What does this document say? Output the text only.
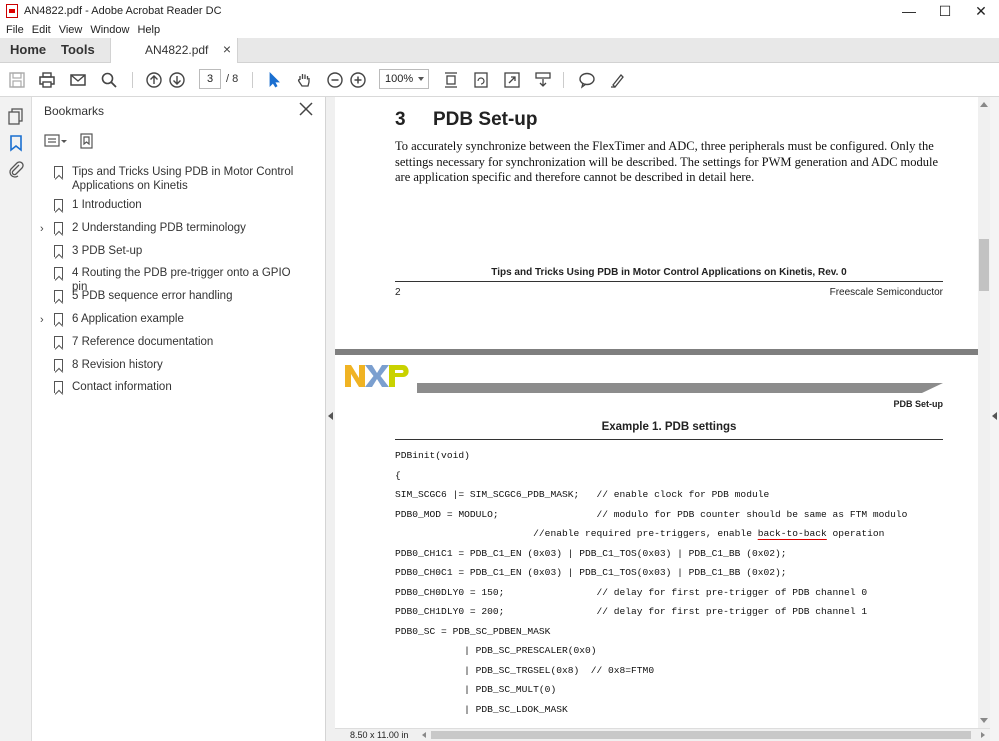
AN4822.pdf - Adobe Acrobat Reader DC	—	☐	✕
File Edit View Window Help
Home Tools	AN4822.pdf ×
3	/ 8	100%
Bookmarks
Tips and Tricks Using PDB in Motor Control Applications on Kinetis
1 Introduction
› 2 Understanding PDB terminology
3 PDB Set-up
4 Routing the PDB pre-trigger onto a GPIO pin
5 PDB sequence error handling
› 6 Application example
7 Reference documentation
8 Revision history
Contact information
3 PDB Set-up

To accurately synchronize between the FlexTimer and ADC, three peripherals must be configured. Only the settings necessary for synchronization will be described. The settings for PWM generation and ADC module are application specific and therefore cannot be described in detail here.

Tips and Tricks Using PDB in Motor Control Applications on Kinetis, Rev. 0
2	Freescale Semiconductor
PDB Set-up
Example 1. PDB settings
PDBinit(void)
{
SIM_SCGC6 |= SIM_SCGC6_PDB_MASK;   // enable clock for PDB module
PDB0_MOD = MODULO;                 // modulo for PDB counter should be same as FTM modulo
//enable required pre-triggers, enable back-to-back operation
PDB0_CH1C1 = PDB_C1_EN (0x03) | PDB_C1_TOS(0x03) | PDB_C1_BB (0x02);
PDB0_CH0C1 = PDB_C1_EN (0x03) | PDB_C1_TOS(0x03) | PDB_C1_BB (0x02);
PDB0_CH0DLY0 = 150;                // delay for first pre-trigger of PDB channel 0
PDB0_CH1DLY0 = 200;                // delay for first pre-trigger of PDB channel 1
PDB0_SC = PDB_SC_PDBEN_MASK
| PDB_SC_PRESCALER(0x0)
| PDB_SC_TRGSEL(0x8)  // 0x8=FTM0
| PDB_SC_MULT(0)
| PDB_SC_LDOK_MASK
8.50 x 11.00 in
